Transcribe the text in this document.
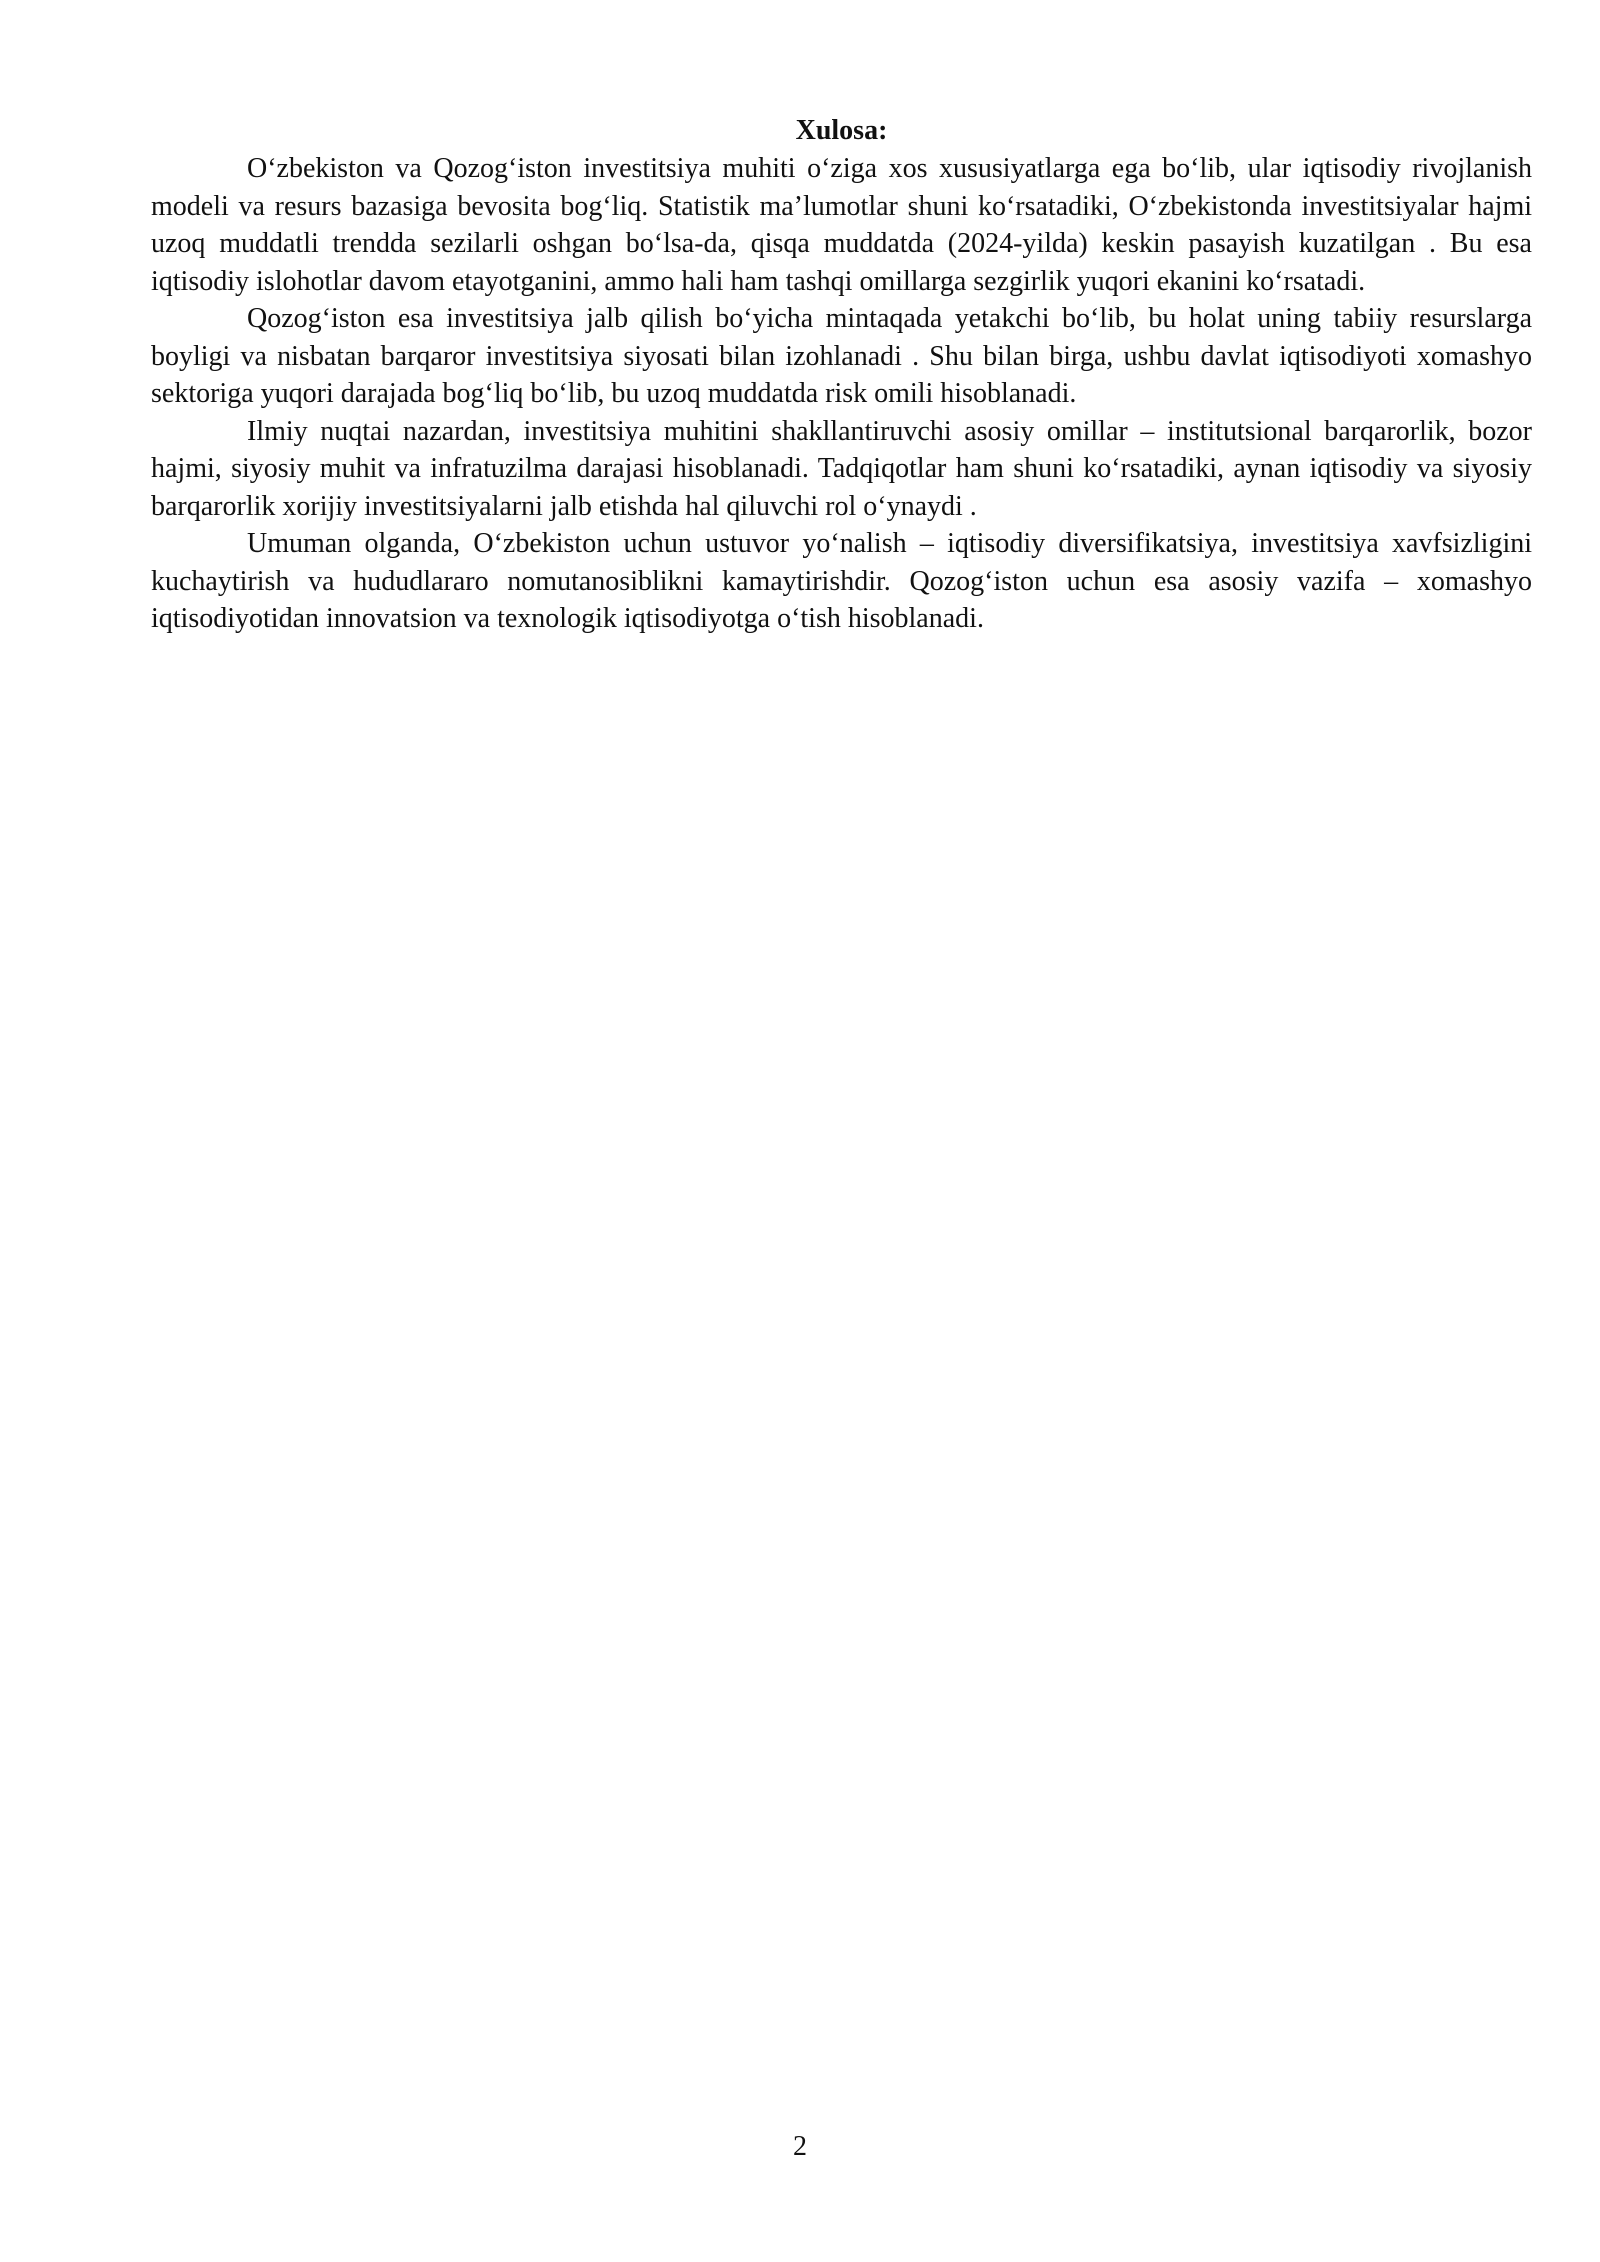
Xulosa:

O‘zbekiston va Qozog‘iston investitsiya muhiti o‘ziga xos xususiyatlarga ega bo‘lib, ular iqtisodiy rivojlanish modeli va resurs bazasiga bevosita bog‘liq. Statistik ma’lumotlar shuni ko‘rsatadiki, O‘zbekistonda investitsiyalar hajmi uzoq muddatli trendda sezilarli oshgan bo‘lsa-da, qisqa muddatda (2024-yilda) keskin pasayish kuzatilgan . Bu esa iqtisodiy islohotlar davom etayotganini, ammo hali ham tashqi omillarga sezgirlik yuqori ekanini ko‘rsatadi.

Qozog‘iston esa investitsiya jalb qilish bo‘yicha mintaqada yetakchi bo‘lib, bu holat uning tabiiy resurslarga boyligi va nisbatan barqaror investitsiya siyosati bilan izohlanadi . Shu bilan birga, ushbu davlat iqtisodiyoti xomashyo sektoriga yuqori darajada bog‘liq bo‘lib, bu uzoq muddatda risk omili hisoblanadi.

Ilmiy nuqtai nazardan, investitsiya muhitini shakllantiruvchi asosiy omillar – institutsional barqarorlik, bozor hajmi, siyosiy muhit va infratuzilma darajasi hisoblanadi. Tadqiqotlar ham shuni ko‘rsatadiki, aynan iqtisodiy va siyosiy barqarorlik xorijiy investitsiyalarni jalb etishda hal qiluvchi rol o‘ynaydi .

Umuman olganda, O‘zbekiston uchun ustuvor yo‘nalish – iqtisodiy diversifikatsiya, investitsiya xavfsizligini kuchaytirish va hududlararo nomutanosiblikni kamaytirishdir. Qozog‘iston uchun esa asosiy vazifa – xomashyo iqtisodiyotidan innovatsion va texnologik iqtisodiyotga o‘tish hisoblanadi.

2
